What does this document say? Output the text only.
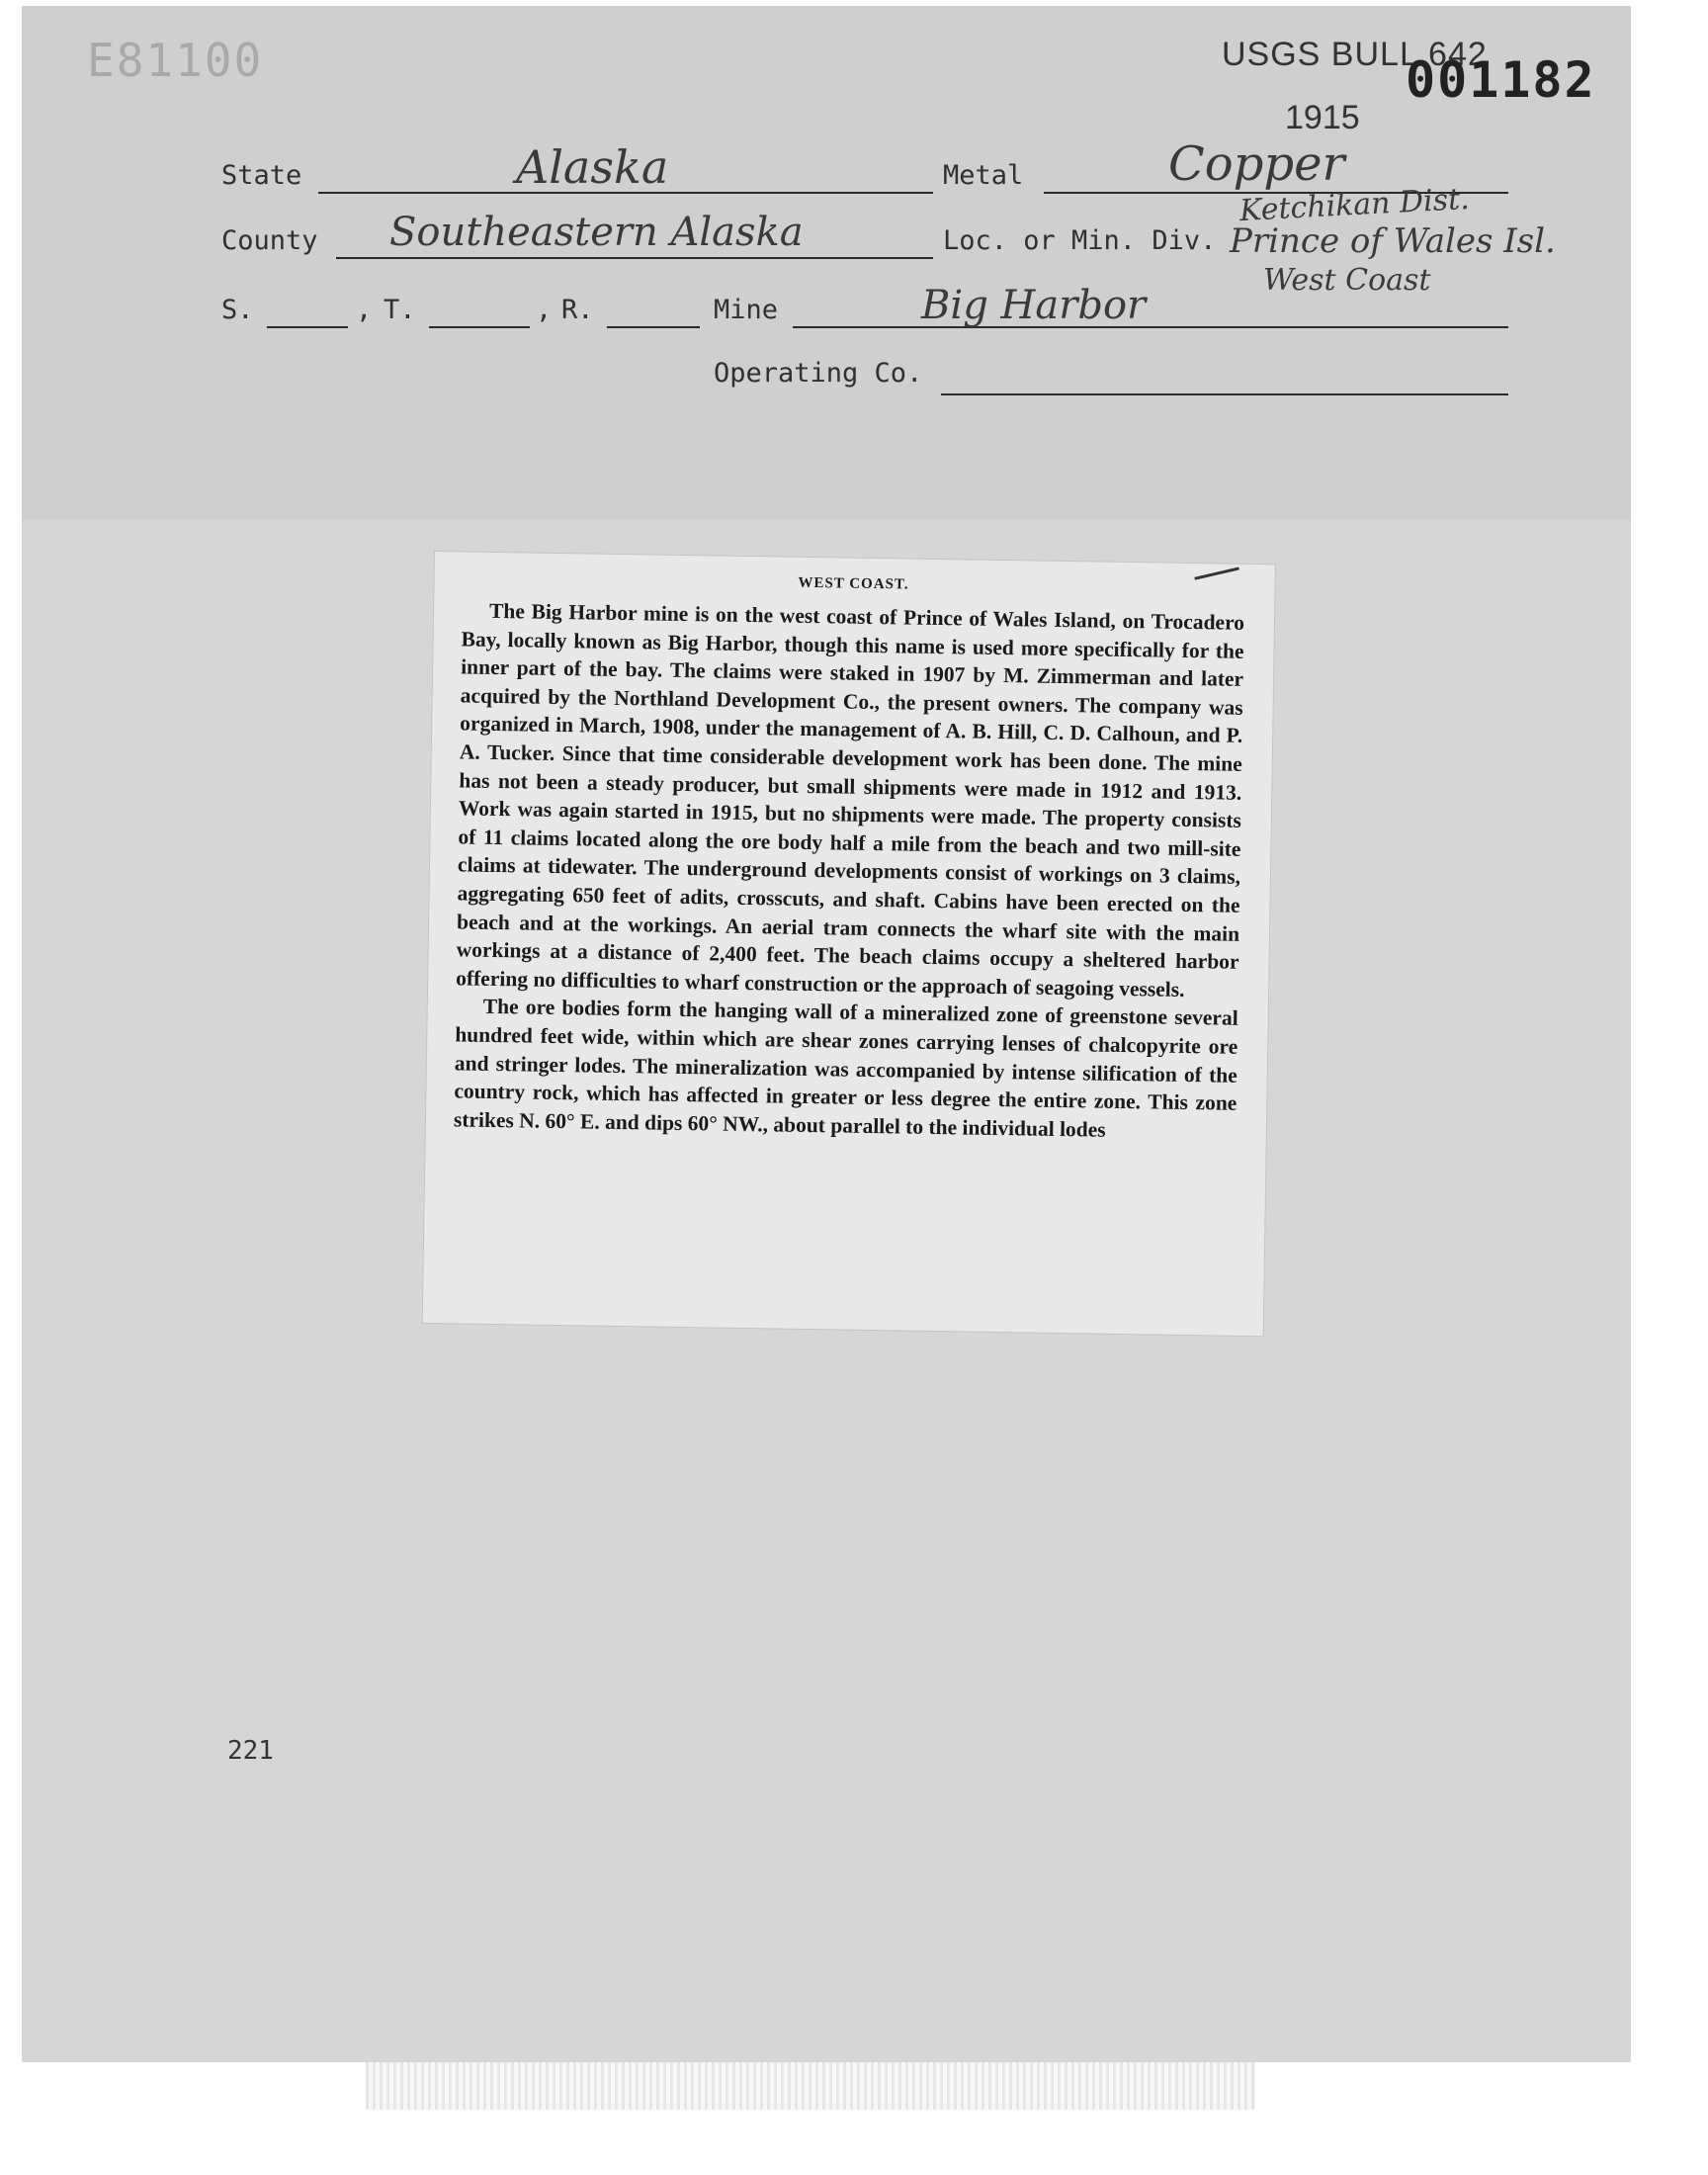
E81100	USGS BULL 642
001182
1915
State	Alaska	Metal	Copper
County Southeastern Alaska	Loc. or Min. Div.
Ketchikan Dist.
Prince of Wales Isl.
West Coast
S.	, T.	, R.	Mine	Big Harbor
Operating Co.
WEST COAST.

The Big Harbor mine is on the west coast of Prince of Wales Island, on Trocadero Bay, locally known as Big Harbor, though this name is used more specifically for the inner part of the bay. The claims were staked in 1907 by M. Zimmerman and later acquired by the Northland Development Co., the present owners. The company was organized in March, 1908, under the management of A. B. Hill, C. D. Calhoun, and P. A. Tucker. Since that time considerable development work has been done. The mine has not been a steady producer, but small shipments were made in 1912 and 1913. Work was again started in 1915, but no shipments were made. The property consists of 11 claims located along the ore body half a mile from the beach and two mill-site claims at tidewater. The underground developments consist of workings on 3 claims, aggregating 650 feet of adits, crosscuts, and shaft. Cabins have been erected on the beach and at the workings. An aerial tram connects the wharf site with the main workings at a distance of 2,400 feet. The beach claims occupy a sheltered harbor offering no difficulties to wharf construction or the approach of seagoing vessels.

The ore bodies form the hanging wall of a mineralized zone of greenstone several hundred feet wide, within which are shear zones carrying lenses of chalcopyrite ore and stringer lodes. The mineralization was accompanied by intense silification of the country rock, which has affected in greater or less degree the entire zone. This zone strikes N. 60° E. and dips 60° NW., about parallel to the individual lodes

221
